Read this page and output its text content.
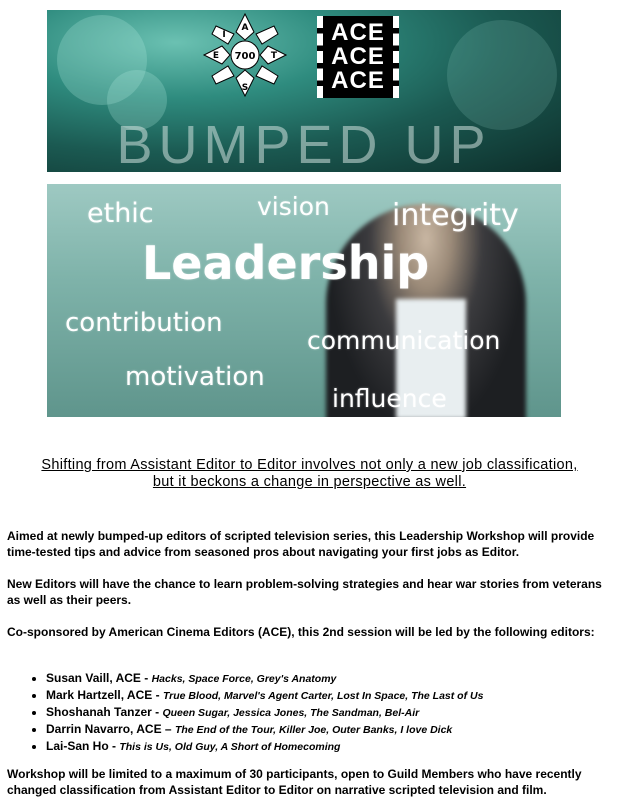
A
T
S
E
I
700
ACE
ACE
ACE
BUMPED UP
ethic	vision integrity
Leadership
contribution
communication
motivation
influence
Shifting from Assistant Editor to Editor involves not only a new job classification, but it beckons a change in perspective as well.
Aimed at newly bumped-up editors of scripted television series, this Leadership Workshop will provide time-tested tips and advice from seasoned pros about navigating your first jobs as Editor.
New Editors will have the chance to learn problem-solving strategies and hear war stories from veterans as well as their peers.
Co-sponsored by American Cinema Editors (ACE), this 2nd session will be led by the following editors:
• Susan Vaill, ACE - Hacks, Space Force, Grey's Anatomy
• Mark Hartzell, ACE - True Blood, Marvel's Agent Carter, Lost In Space, The Last of Us
• Shoshanah Tanzer - Queen Sugar, Jessica Jones, The Sandman, Bel-Air
• Darrin Navarro, ACE – The End of the Tour, Killer Joe, Outer Banks, I love Dick
• Lai-San Ho - This is Us, Old Guy, A Short of Homecoming
Workshop will be limited to a maximum of 30 participants, open to Guild Members who have recently changed classification from Assistant Editor to Editor on narrative scripted television and film.
